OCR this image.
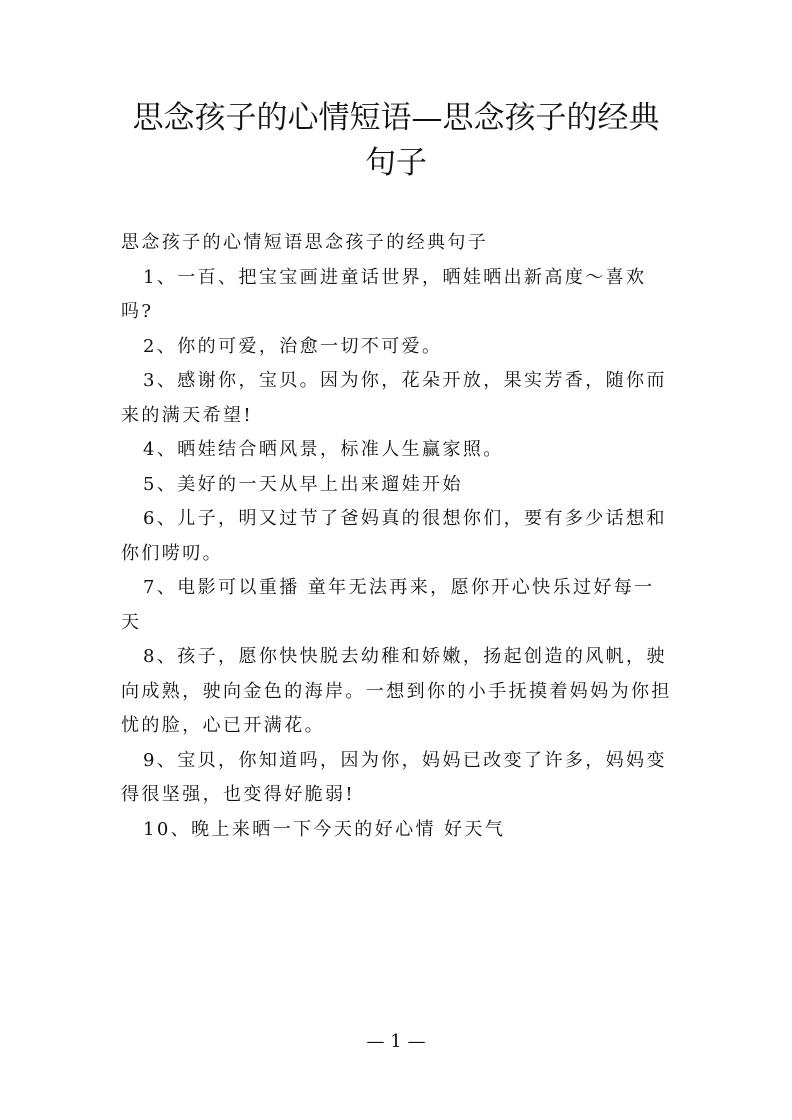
思念孩子的心情短语—思念孩子的经典句子

思念孩子的心情短语思念孩子的经典句子

1、一百、把宝宝画进童话世界，晒娃晒出新高度～喜欢吗?

2、你的可爱，治愈一切不可爱。

3、感谢你，宝贝。因为你，花朵开放，果实芳香，随你而来的满天希望!

4、晒娃结合晒风景，标准人生赢家照。

5、美好的一天从早上出来遛娃开始

6、儿子，明又过节了爸妈真的很想你们，要有多少话想和你们唠叨。

7、电影可以重播 童年无法再来，愿你开心快乐过好每一天

8、孩子，愿你快快脱去幼稚和娇嫩，扬起创造的风帆，驶向成熟，驶向金色的海岸。一想到你的小手抚摸着妈妈为你担忧的脸，心已开满花。

9、宝贝，你知道吗，因为你，妈妈已改变了许多，妈妈变得很坚强，也变得好脆弱!

10、晚上来晒一下今天的好心情 好天气

— 1 —
